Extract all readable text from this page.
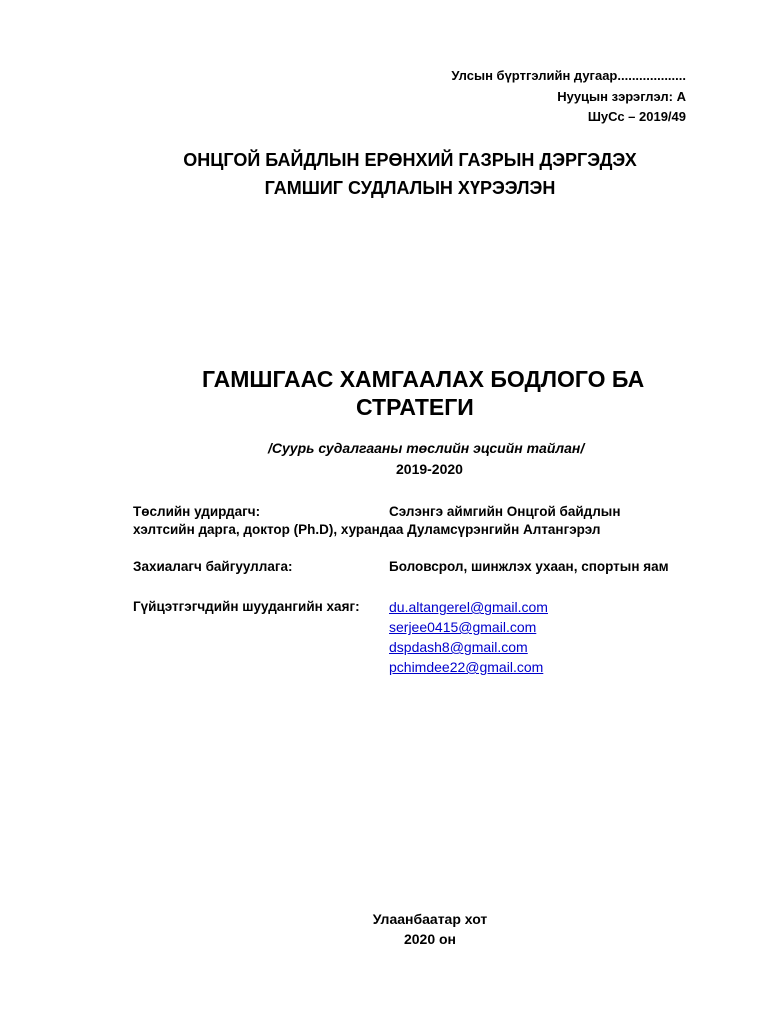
Улсын бүртгэлийн дугаар...................
Нууцын зэрэглэл: А
ШуСс – 2019/49
ОНЦГОЙ БАЙДЛЫН ЕРӨНХИЙ ГАЗРЫН ДЭРГЭДЭХ
ГАМШИГ СУДЛАЛЫН ХҮРЭЭЛЭН
ГАМШГААС ХАМГААЛАХ БОДЛОГО БА
СТРАТЕГИ
/Суурь судалгааны төслийн эцсийн тайлан/
2019-2020
Төслийн удирдагч:	Сэлэнгэ аймгийн Онцгой байдлын
хэлтсийн дарга, доктор (Ph.D), хурандаа Дуламсүрэнгийн Алтангэрэл
Захиалагч байгууллага:	Боловсрол, шинжлэх ухаан, спортын яам
Гүйцэтгэгчдийн шуудангийн хаяг: du.altangerel@gmail.com
serjee0415@gmail.com
dspdash8@gmail.com
pchimdee22@gmail.com
Улаанбаатар хот
2020 он
